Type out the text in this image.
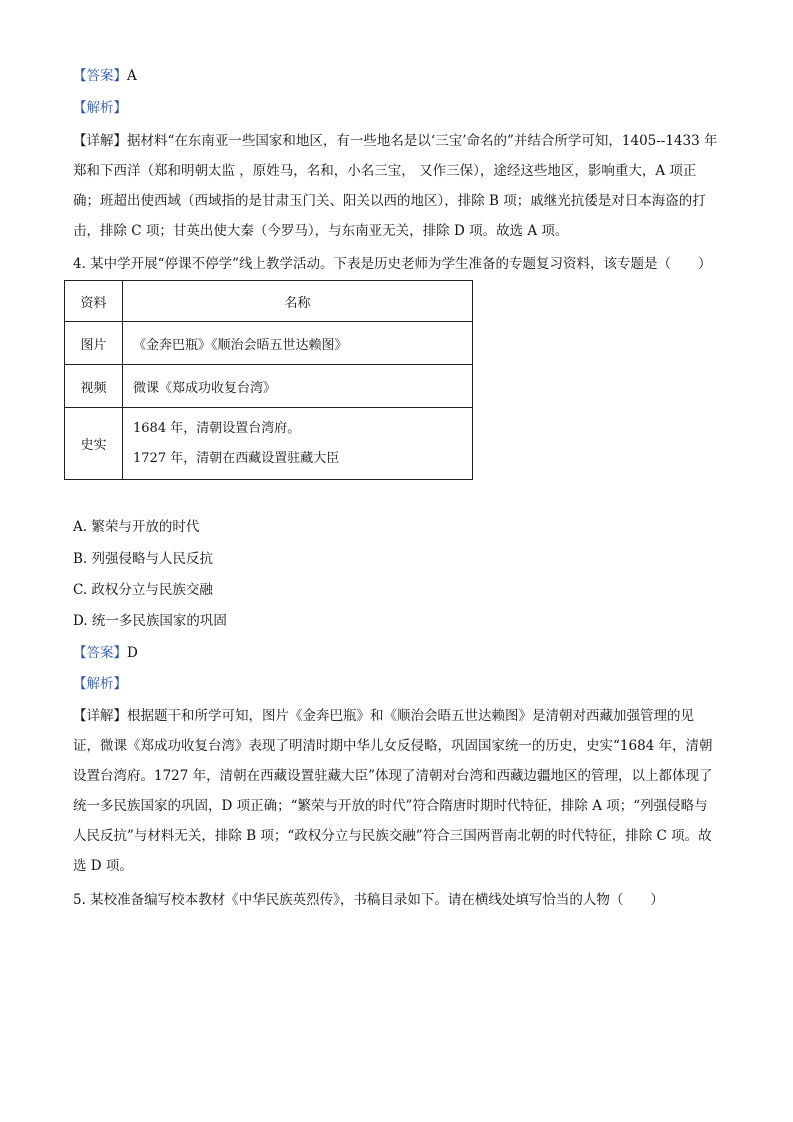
【答案】A
【解析】
【详解】据材料“在东南亚一些国家和地区，有一些地名是以‘三宝’命名的”并结合所学可知，1405--1433 年
郑和下西洋（郑和明朝太监 ，原姓马，名和，小名三宝， 又作三保），途经这些地区，影响重大，A 项正
确；班超出使西域（西域指的是甘肃玉门关、阳关以西的地区），排除 B 项；戚继光抗倭是对日本海盗的打
击，排除 C 项；甘英出使大秦（今罗马），与东南亚无关，排除 D 项。故选 A 项。
4. 某中学开展“停课不停学”线上教学活动。下表是历史老师为学生准备的专题复习资料，该专题是（　　）
资料	名称
图片	《金奔巴瓶》《顺治会晤五世达赖图》
视频	微课《郑成功收复台湾》
史实	1684 年，清朝设置台湾府。
1727 年，清朝在西藏设置驻藏大臣
A. 繁荣与开放的时代
B. 列强侵略与人民反抗
C. 政权分立与民族交融
D. 统一多民族国家的巩固
【答案】D
【解析】
【详解】根据题干和所学可知，图片《金奔巴瓶》和《顺治会晤五世达赖图》是清朝对西藏加强管理的见
证，微课《郑成功收复台湾》表现了明清时期中华儿女反侵略，巩固国家统一的历史，史实“1684 年，清朝
设置台湾府。1727 年，清朝在西藏设置驻藏大臣”体现了清朝对台湾和西藏边疆地区的管理，以上都体现了
统一多民族国家的巩固，D 项正确；“繁荣与开放的时代”符合隋唐时期时代特征，排除 A 项；“列强侵略与
人民反抗”与材料无关，排除 B 项；“政权分立与民族交融”符合三国两晋南北朝的时代特征，排除 C 项。故
选 D 项。
5. 某校准备编写校本教材《中华民族英烈传》，书稿目录如下。请在横线处填写恰当的人物（　　）
